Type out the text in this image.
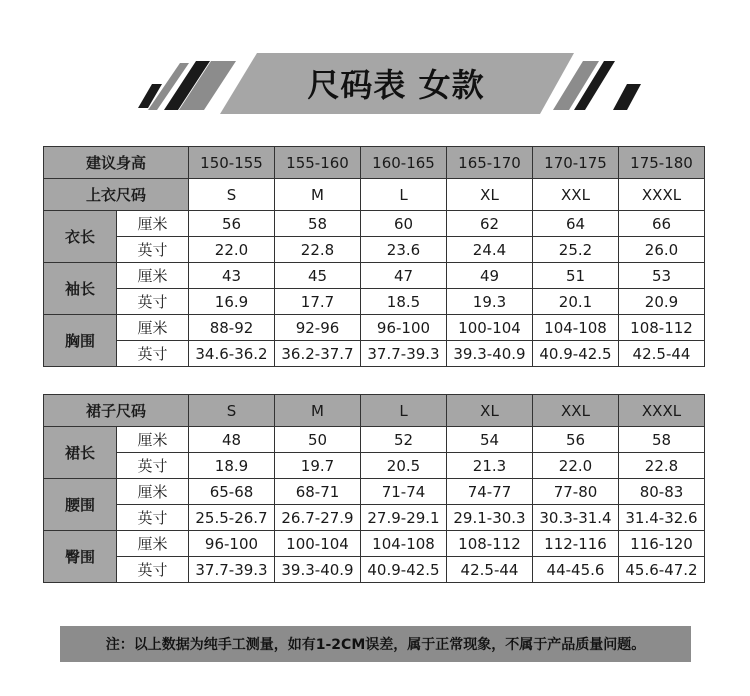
尺码表 女款
建议身高		150-155	155-160	160-165	165-170	170-175	175-180
上衣尺码		S	M	L	XL	XXL	XXXL
衣长	厘米	56	58	60	62	64	66
	英寸	22.0	22.8	23.6	24.4	25.2	26.0
袖长	厘米	43	45	47	49	51	53
	英寸	16.9	17.7	18.5	19.3	20.1	20.9
胸围	厘米	88-92	92-96	96-100	100-104	104-108	108-112
	英寸	34.6-36.2	36.2-37.7	37.7-39.3	39.3-40.9	40.9-42.5	42.5-44
裙子尺码		S	M	L	XL	XXL	XXXL
裙长	厘米	48	50	52	54	56	58
	英寸	18.9	19.7	20.5	21.3	22.0	22.8
腰围	厘米	65-68	68-71	71-74	74-77	77-80	80-83
	英寸	25.5-26.7	26.7-27.9	27.9-29.1	29.1-30.3	30.3-31.4	31.4-32.6
臀围	厘米	96-100	100-104	104-108	108-112	112-116	116-120
	英寸	37.7-39.3	39.3-40.9	40.9-42.5	42.5-44	44-45.6	45.6-47.2
注：以上数据为纯手工测量，如有1-2CM误差，属于正常现象，不属于产品质量问题。
